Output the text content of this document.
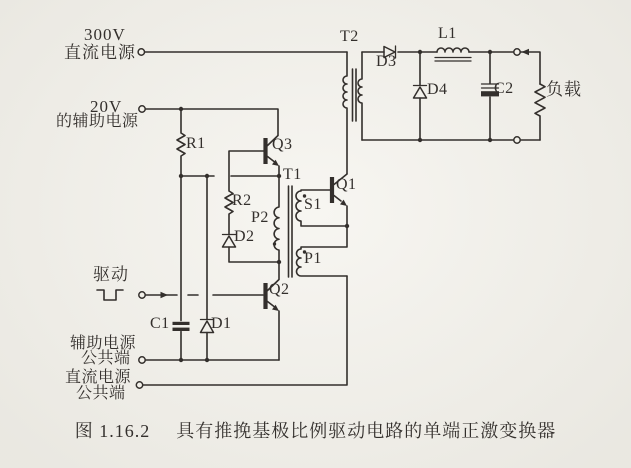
300V
直流电源
20V
的辅助电源
驱动
辅助电源
公共端
直流电源
公共端
负载
R1	Q3
T1
R2
P2
D2
S1
P1
Q1
Q2
C1	D1
T2
D3
L1
D4	C2
图 1.16.2 具有推挽基极比例驱动电路的单端正激变换器
